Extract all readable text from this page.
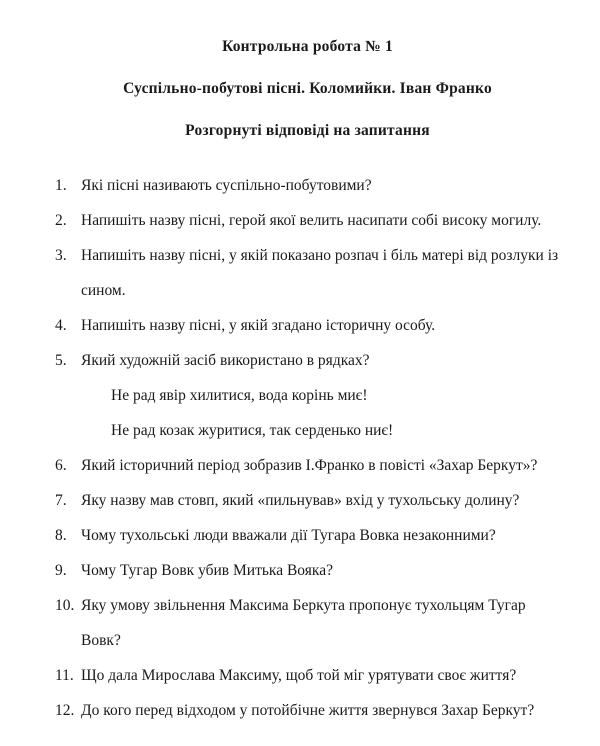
Контрольна робота № 1
Суспільно-побутові пісні. Коломийки. Іван Франко
Розгорнуті відповіді на запитання
1. Які пісні називають суспільно-побутовими?
2. Напишіть назву пісні, герой якої велить насипати собі високу могилу.
3. Напишіть назву пісні, у якій показано розпач і біль матері від розлуки із сином.
4. Напишіть назву пісні, у якій згадано історичну особу.
5. Який художній засіб використано в рядках?
Не рад явір хилитися, вода корінь миє!
Не рад козак журитися, так серденько ниє!
6. Який історичний період зобразив І.Франко в повісті «Захар Беркут»?
7. Яку назву мав стовп, який «пильнував» вхід у тухольську долину?
8. Чому тухольські люди вважали дії Тугара Вовка незаконними?
9. Чому Тугар Вовк убив Митька Вояка?
10. Яку умову звільнення Максима Беркута пропонує тухольцям Тугар Вовк?
11. Що дала Мирослава Максиму, щоб той міг урятувати своє життя?
12. До кого перед відходом у потойбічне життя звернувся Захар Беркут?
